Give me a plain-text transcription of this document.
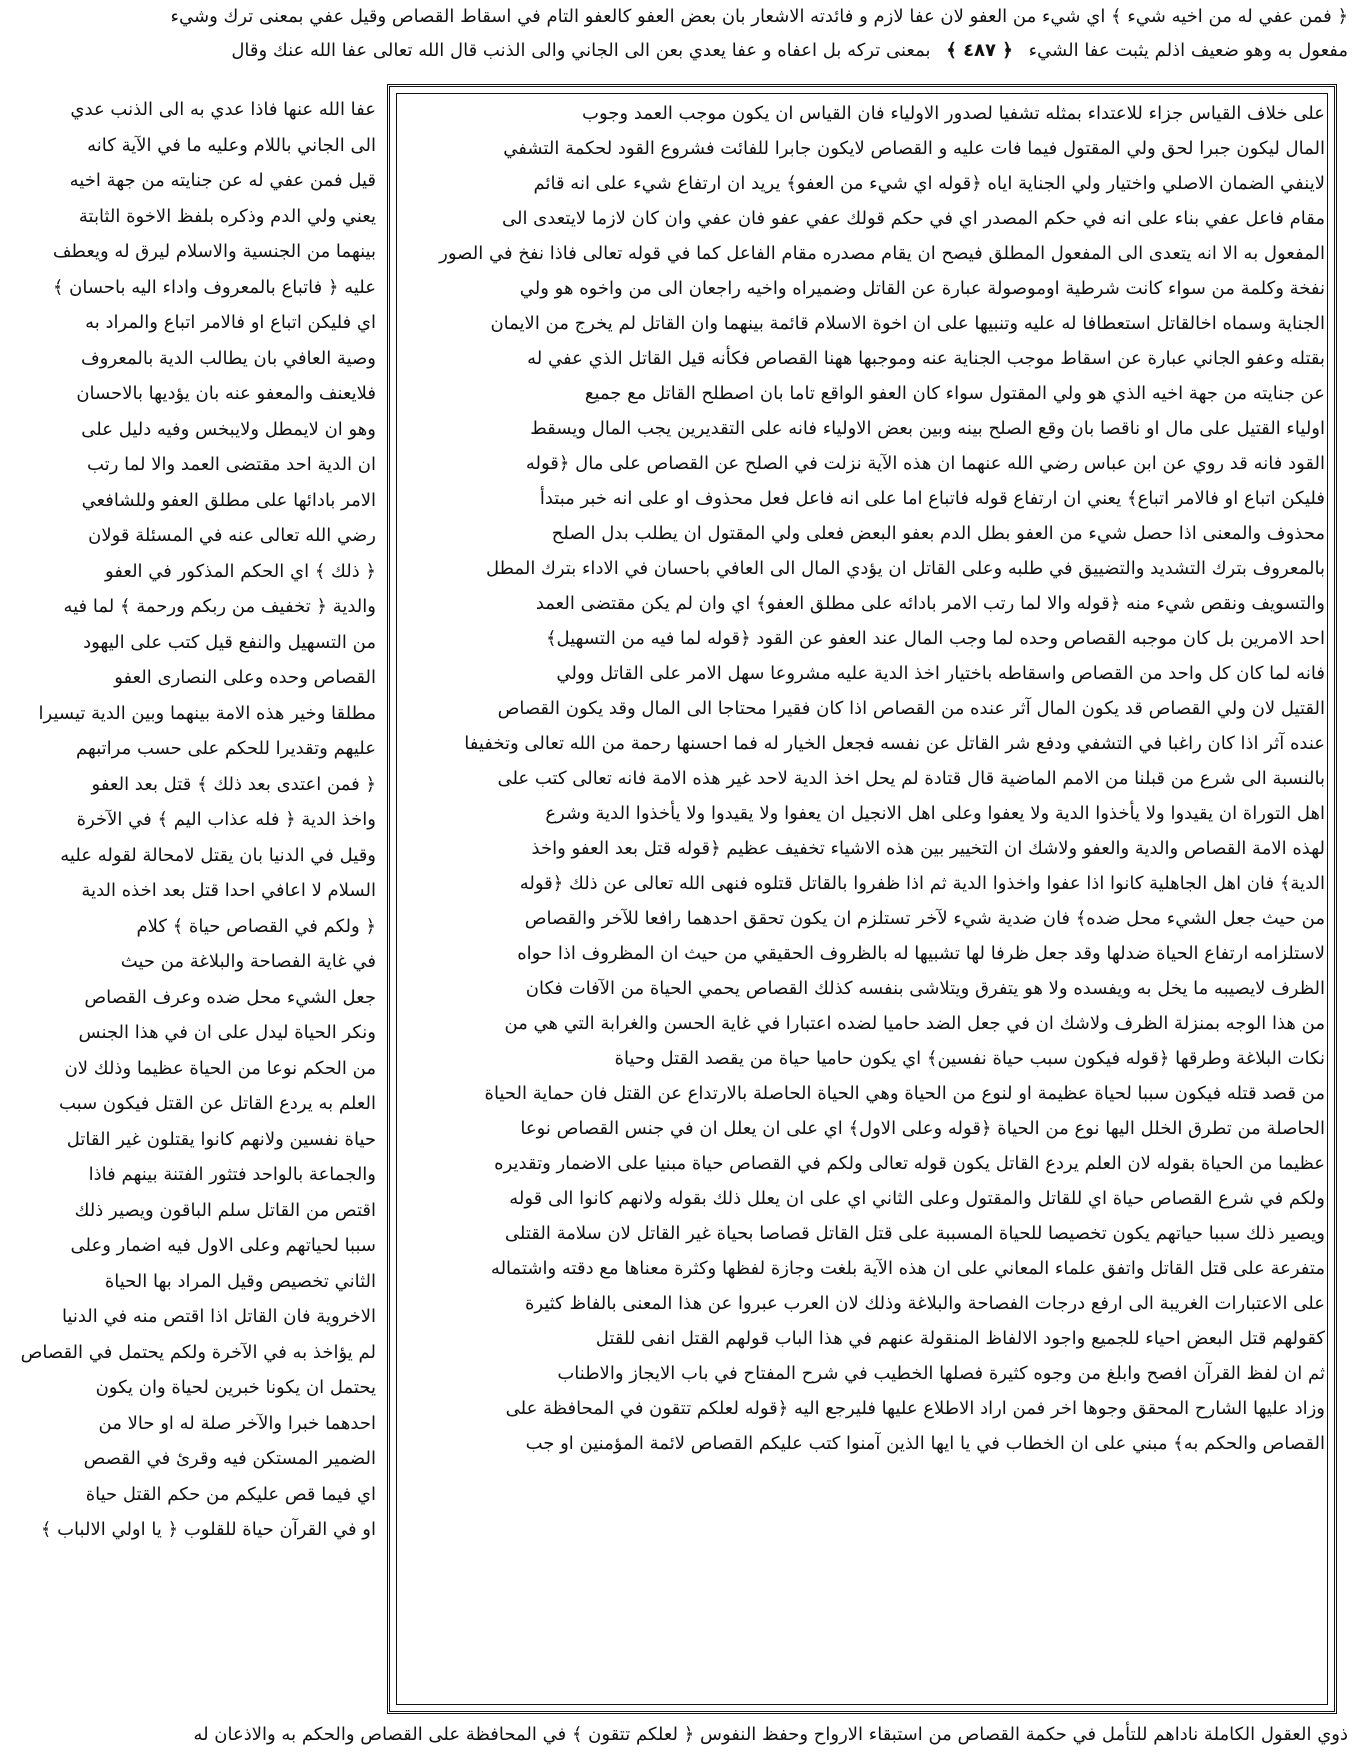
﴿ فمن عفي له من اخيه شيء ﴾ اي شيء من العفو لان عفا لازم و فائدته الاشعار بان بعض العفو كالعفو التام في اسقاط القصاص وقيل عفي بمعنى ترك وشيء
مفعول به وهو ضعيف اذلم يثبت عفا الشيء ﴿ ٤٨٧ ﴾ بمعنى تركه بل اعفاه و عفا يعدي بعن الى الجاني والى الذنب قال الله تعالى عفا الله عنك وقال
على خلاف القياس جزاء للاعتداء بمثله تشفيا لصدور الاولياء فان القياس ان يكون موجب العمد وجوب
المال ليكون جبرا لحق ولي المقتول فيما فات عليه و القصاص لايكون جابرا للفائت فشروع القود لحكمة التشفي
لاينفي الضمان الاصلي واختيار ولي الجناية اياه ﴿قوله اي شيء من العفو﴾ يريد ان ارتفاع شيء على انه قائم
مقام فاعل عفي بناء على انه في حكم المصدر اي في حكم قولك عفي عفو فان عفي وان كان لازما لايتعدى الى
المفعول به الا انه يتعدى الى المفعول المطلق فيصح ان يقام مصدره مقام الفاعل كما في قوله تعالى فاذا نفخ في الصور
نفخة وكلمة من سواء كانت شرطية اوموصولة عبارة عن القاتل وضميراه واخيه راجعان الى من واخوه هو ولي
الجناية وسماه اخالقاتل استعطافا له عليه وتنبيها على ان اخوة الاسلام قائمة بينهما وان القاتل لم يخرج من الايمان
بقتله وعفو الجاني عبارة عن اسقاط موجب الجناية عنه وموجبها ههنا القصاص فكأنه قيل القاتل الذي عفي له
عن جنايته من جهة اخيه الذي هو ولي المقتول سواء كان العفو الواقع تاما بان اصطلح القاتل مع جميع
اولياء القتيل على مال او ناقصا بان وقع الصلح بينه وبين بعض الاولياء فانه على التقديرين يجب المال ويسقط
القود فانه قد روي عن ابن عباس رضي الله عنهما ان هذه الآية نزلت في الصلح عن القصاص على مال ﴿قوله
فليكن اتباع او فالامر اتباع﴾ يعني ان ارتفاع قوله فاتباع اما على انه فاعل فعل محذوف او على انه خبر مبتدأ
محذوف والمعنى اذا حصل شيء من العفو بطل الدم بعفو البعض فعلى ولي المقتول ان يطلب بدل الصلح
بالمعروف بترك التشديد والتضييق في طلبه وعلى القاتل ان يؤدي المال الى العافي باحسان في الاداء بترك المطل
والتسويف ونقص شيء منه ﴿قوله والا لما رتب الامر بادائه على مطلق العفو﴾ اي وان لم يكن مقتضى العمد
احد الامرين بل كان موجبه القصاص وحده لما وجب المال عند العفو عن القود ﴿قوله لما فيه من التسهيل﴾
فانه لما كان كل واحد من القصاص واسقاطه باختيار اخذ الدية عليه مشروعا سهل الامر على القاتل وولي
القتيل لان ولي القصاص قد يكون المال آثر عنده من القصاص اذا كان فقيرا محتاجا الى المال وقد يكون القصاص
عنده آثر اذا كان راغبا في التشفي ودفع شر القاتل عن نفسه فجعل الخيار له فما احسنها رحمة من الله تعالى وتخفيفا
بالنسبة الى شرع من قبلنا من الامم الماضية قال قتادة لم يحل اخذ الدية لاحد غير هذه الامة فانه تعالى كتب على
اهل التوراة ان يقيدوا ولا يأخذوا الدية ولا يعفوا وعلى اهل الانجيل ان يعفوا ولا يقيدوا ولا يأخذوا الدية وشرع
لهذه الامة القصاص والدية والعفو ولاشك ان التخيير بين هذه الاشياء تخفيف عظيم ﴿قوله قتل بعد العفو واخذ
الدية﴾ فان اهل الجاهلية كانوا اذا عفوا واخذوا الدية ثم اذا ظفروا بالقاتل قتلوه فنهى الله تعالى عن ذلك ﴿قوله
من حيث جعل الشيء محل ضده﴾ فان ضدية شيء لآخر تستلزم ان يكون تحقق احدهما رافعا للآخر والقصاص
لاستلزامه ارتفاع الحياة ضدلها وقد جعل ظرفا لها تشبيها له بالظروف الحقيقي من حيث ان المظروف اذا حواه
الظرف لايصيبه ما يخل به ويفسده ولا هو يتفرق ويتلاشى بنفسه كذلك القصاص يحمي الحياة من الآفات فكان
من هذا الوجه بمنزلة الظرف ولاشك ان في جعل الضد حاميا لضده اعتبارا في غاية الحسن والغرابة التي هي من
نكات البلاغة وطرقها ﴿قوله فيكون سبب حياة نفسين﴾ اي يكون حاميا حياة من يقصد القتل وحياة
من قصد قتله فيكون سببا لحياة عظيمة او لنوع من الحياة وهي الحياة الحاصلة بالارتداع عن القتل فان حماية الحياة
الحاصلة من تطرق الخلل اليها نوع من الحياة ﴿قوله وعلى الاول﴾ اي على ان يعلل ان في جنس القصاص نوعا
عظيما من الحياة بقوله لان العلم يردع القاتل يكون قوله تعالى ولكم في القصاص حياة مبنيا على الاضمار وتقديره
ولكم في شرع القصاص حياة اي للقاتل والمقتول وعلى الثاني اي على ان يعلل ذلك بقوله ولانهم كانوا الى قوله
ويصير ذلك سببا حياتهم يكون تخصيصا للحياة المسببة على قتل القاتل قصاصا بحياة غير القاتل لان سلامة القتلى
متفرعة على قتل القاتل واتفق علماء المعاني على ان هذه الآية بلغت وجازة لفظها وكثرة معناها مع دقته واشتماله
على الاعتبارات الغريبة الى ارفع درجات الفصاحة والبلاغة وذلك لان العرب عبروا عن هذا المعنى بالفاظ كثيرة
كقولهم قتل البعض احياء للجميع واجود الالفاظ المنقولة عنهم في هذا الباب قولهم القتل انفى للقتل
ثم ان لفظ القرآن افصح وابلغ من وجوه كثيرة فصلها الخطيب في شرح المفتاح في باب الايجاز والاطناب
وزاد عليها الشارح المحقق وجوها اخر فمن اراد الاطلاع عليها فليرجع اليه ﴿قوله لعلكم تتقون في المحافظة على
القصاص والحكم به﴾ مبني على ان الخطاب في يا ايها الذين آمنوا كتب عليكم القصاص لائمة المؤمنين او جب
عفا الله عنها فاذا عدي به الى الذنب عدي
الى الجاني باللام وعليه ما في الآية كانه
قيل فمن عفي له عن جنايته من جهة اخيه
يعني ولي الدم وذكره بلفظ الاخوة الثابتة
بينهما من الجنسية والاسلام ليرق له ويعطف
عليه ﴿ فاتباع بالمعروف واداء اليه باحسان ﴾
اي فليكن اتباع او فالامر اتباع والمراد به
وصية العافي بان يطالب الدية بالمعروف
فلايعنف والمعفو عنه بان يؤديها بالاحسان
وهو ان لايمطل ولايبخس وفيه دليل على
ان الدية احد مقتضى العمد والا لما رتب
الامر بادائها على مطلق العفو وللشافعي
رضي الله تعالى عنه في المسئلة قولان
﴿ ذلك ﴾ اي الحكم المذكور في العفو
والدية ﴿ تخفيف من ربكم ورحمة ﴾ لما فيه
من التسهيل والنفع قيل كتب على اليهود
القصاص وحده وعلى النصارى العفو
مطلقا وخير هذه الامة بينهما وبين الدية تيسيرا
عليهم وتقديرا للحكم على حسب مراتبهم
﴿ فمن اعتدى بعد ذلك ﴾ قتل بعد العفو
واخذ الدية ﴿ فله عذاب اليم ﴾ في الآخرة
وقيل في الدنيا بان يقتل لامحالة لقوله عليه
السلام لا اعافي احدا قتل بعد اخذه الدية
﴿ ولكم في القصاص حياة ﴾ كلام
في غاية الفصاحة والبلاغة من حيث
جعل الشيء محل ضده وعرف القصاص
ونكر الحياة ليدل على ان في هذا الجنس
من الحكم نوعا من الحياة عظيما وذلك لان
العلم به يردع القاتل عن القتل فيكون سبب
حياة نفسين ولانهم كانوا يقتلون غير القاتل
والجماعة بالواحد فتثور الفتنة بينهم فاذا
اقتص من القاتل سلم الباقون ويصير ذلك
سببا لحياتهم وعلى الاول فيه اضمار وعلى
الثاني تخصيص وقيل المراد بها الحياة
الاخروية فان القاتل اذا اقتص منه في الدنيا
لم يؤاخذ به في الآخرة ولكم يحتمل في القصاص
يحتمل ان يكونا خبرين لحياة وان يكون
احدهما خبرا والآخر صلة له او حالا من
الضمير المستكن فيه وقرئ في القصص
اي فيما قص عليكم من حكم القتل حياة
او في القرآن حياة للقلوب ﴿ يا اولي الالباب ﴾
ذوي العقول الكاملة ناداهم للتأمل في حكمة القصاص من استبقاء الارواح وحفظ النفوس ﴿ لعلكم تتقون ﴾ في المحافظة على القصاص والحكم به والاذعان له
